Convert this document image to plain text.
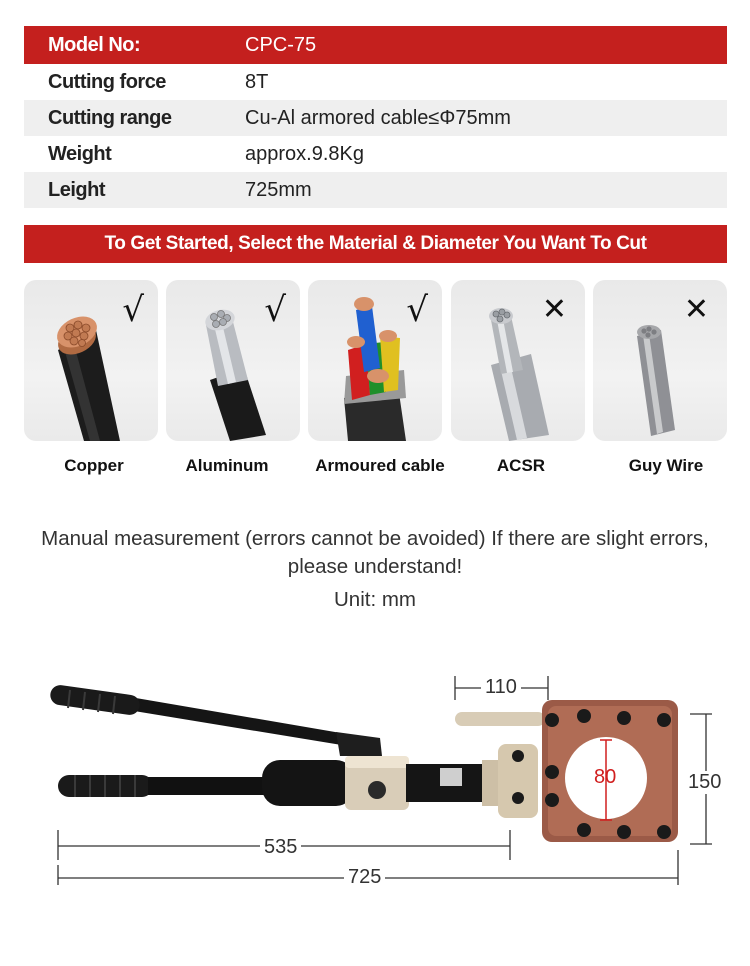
Model No:	CPC-75
Cutting force	8T
Cutting range	Cu-Al armored cable≤Φ75mm
Weight	approx.9.8Kg
Leight	725mm
To Get Started, Select the Material & Diameter You Want To Cut
√	√	√	✕	✕
Copper	Aluminum	Armoured cable	ACSR	Guy Wire
Manual measurement (errors cannot be avoided) If there are slight errors, please understand!
Unit: mm
110
80	150
535
725
